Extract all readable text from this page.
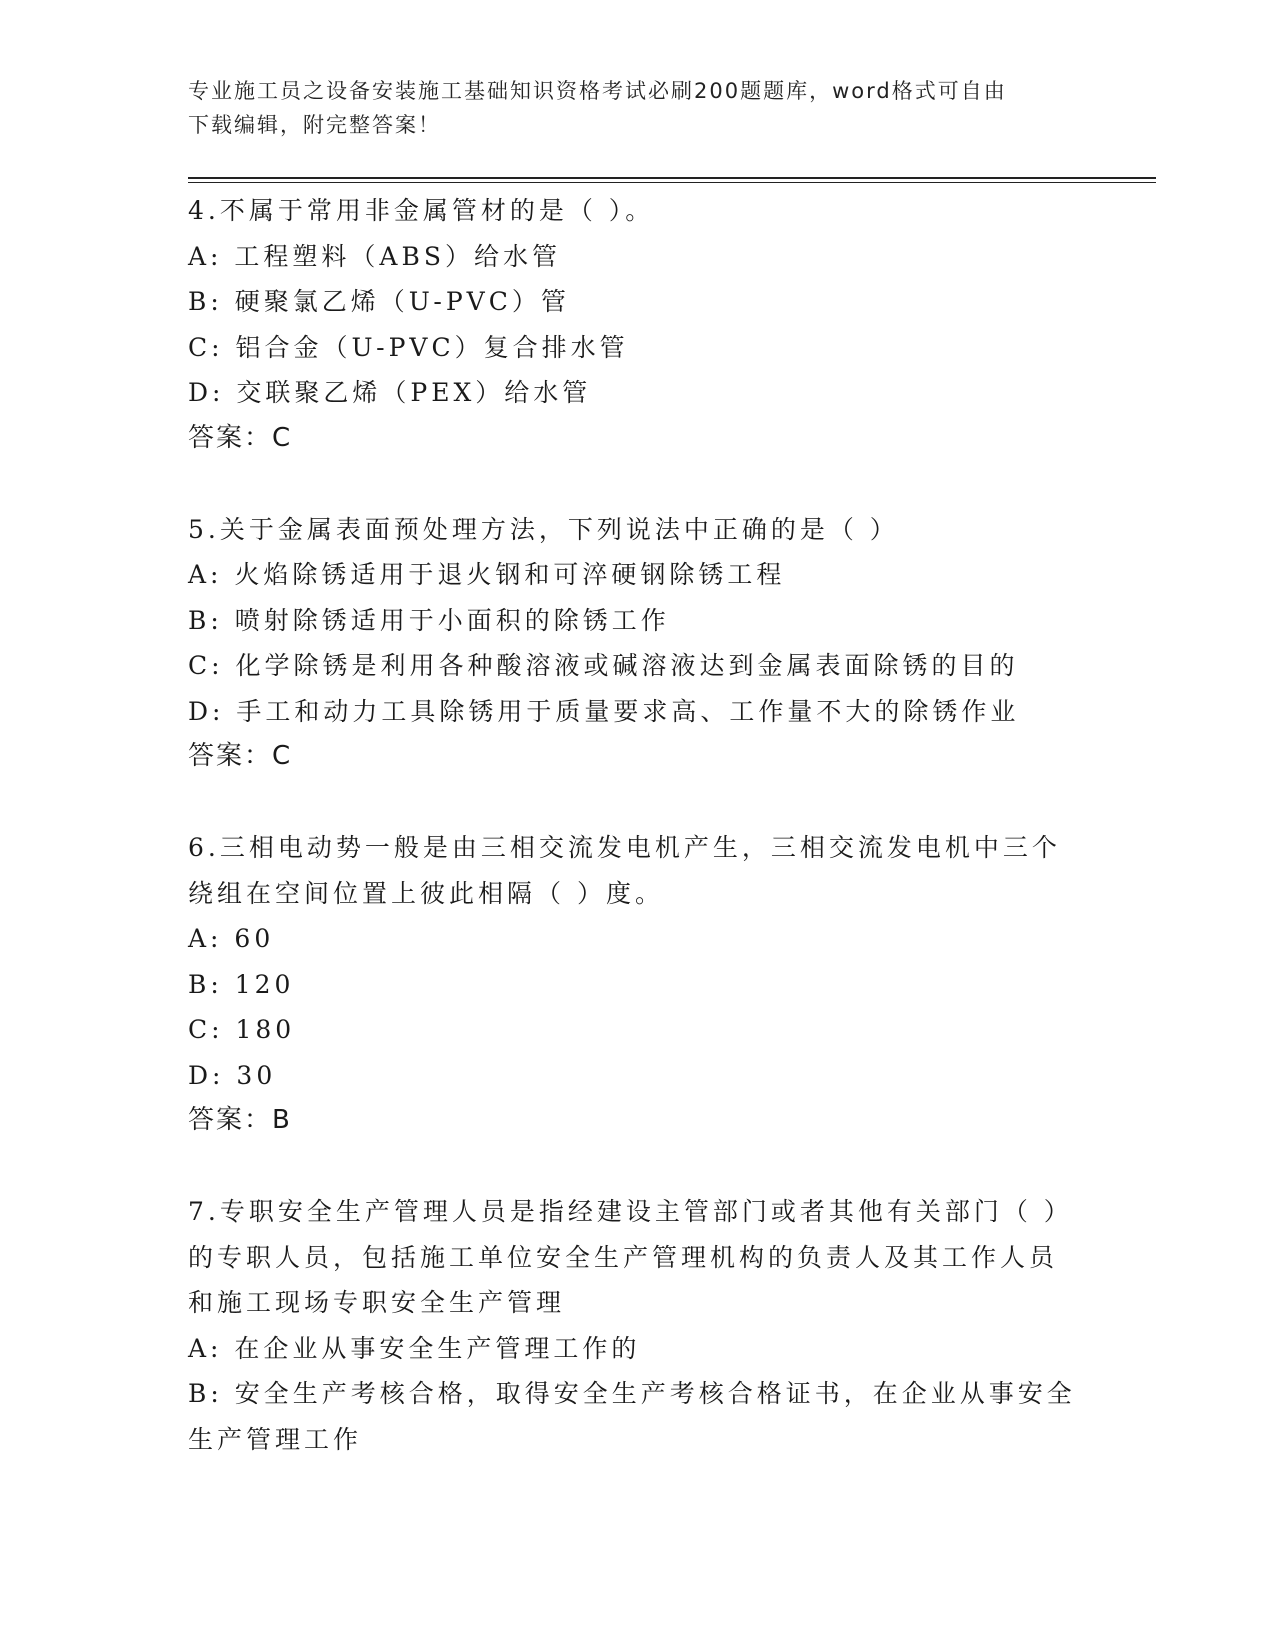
专业施工员之设备安装施工基础知识资格考试必刷200题题库，word格式可自由
下载编辑，附完整答案！
4.不属于常用非金属管材的是（ ）。
A: 工程塑料（ABS）给水管
B: 硬聚氯乙烯（U-PVC）管
C: 铝合金（U-PVC）复合排水管
D: 交联聚乙烯（PEX）给水管
答案：C
5.关于金属表面预处理方法，下列说法中正确的是（ ）
A: 火焰除锈适用于退火钢和可淬硬钢除锈工程
B: 喷射除锈适用于小面积的除锈工作
C: 化学除锈是利用各种酸溶液或碱溶液达到金属表面除锈的目的
D: 手工和动力工具除锈用于质量要求高、工作量不大的除锈作业
答案：C
6.三相电动势一般是由三相交流发电机产生，三相交流发电机中三个
绕组在空间位置上彼此相隔（ ）度。
A: 60
B: 120
C: 180
D: 30
答案：B
7.专职安全生产管理人员是指经建设主管部门或者其他有关部门（ ）
的专职人员，包括施工单位安全生产管理机构的负责人及其工作人员
和施工现场专职安全生产管理
A: 在企业从事安全生产管理工作的
B: 安全生产考核合格，取得安全生产考核合格证书，在企业从事安全
生产管理工作
